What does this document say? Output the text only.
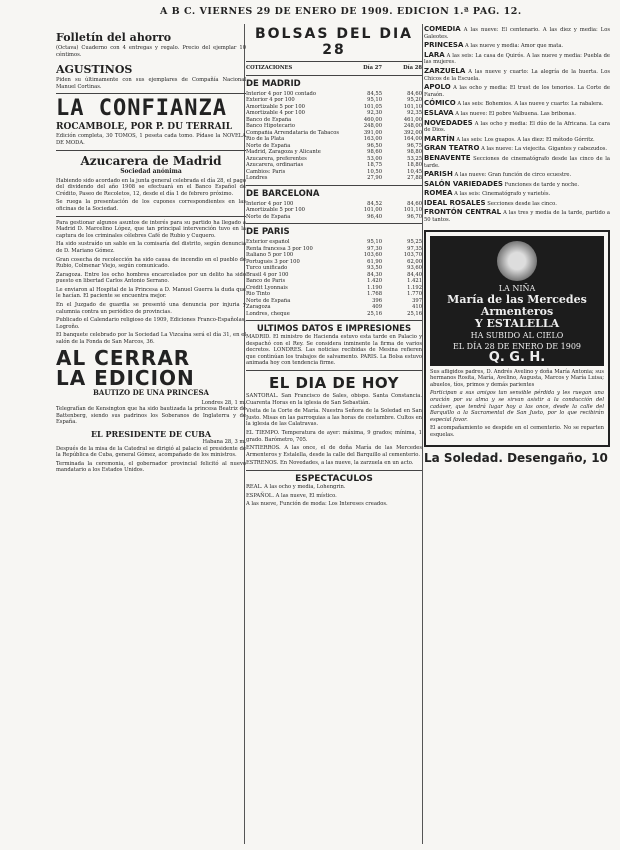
A B C. VIERNES 29 DE ENERO DE 1909. EDICION 1.ª PAG. 12.
Folletín del ahorro
(Octava) Cuaderno con 4 entregas y regalo. Precio del ejemplar 10 céntimos.
AGUSTINOS
Piden su últimamente con sus ejemplares de Compañía Nacional Manuel Cortinas.
LA CONFIANZA
ROCAMBOLE, POR P. DU TERRAIL
Edición completa, 30 TOMOS, 1 peseta cada tomo. Pídase la NOVELA DE MODA.
Azucarera de Madrid
Sociedad anónima

Habiendo sido acordado en la junta general celebrada el día 28, el pago del dividendo del año 1908 se efectuará en el Banco Español de Crédito, Paseo de Recoletos, 12, desde el día 1 de febrero próximo.

Se ruega la presentación de los cupones correspondientes en las oficinas de la Sociedad.

Para gestionar algunos asuntos de interés para su partido ha llegado a Madrid D. Marcelino López, que tan principal intervención tuvo en la captura de los criminales célebres Café de Rubio y Cuquero.

Ha sido sustraído un sable en la comisaría del distrito, según denuncia de D. Mariano Gómez.

Gran cosecha de recolección ha sido causa de incendio en el pueblo de Rubio, Colmenar Viejo, según comunicado.

Zaragoza. Entre los ocho hombres encarcelados por un delito ha sido puesto en libertad Carlos Antonio Serrano.

Le enviaron al Hospital de la Princesa a D. Manuel Guerra la duda que le hacían. El paciente se encuentra mejor.

En el Juzgado de guardia se presentó una denuncia por injuria y calumnia contra un periódico de provincias.

Publicado el Calendario religioso de 1909, Ediciones Franco-Españolas, Logroño.

El banquete celebrado por la Sociedad La Vizcaína será el día 31, en el salón de la Fonda de San Marcos, 36.

AL CERRAR
LA EDICION
BAUTIZO DE UNA PRINCESA
Londres 28, 1 m.
Telegrafían de Kensington que ha sido bautizada la princesa Beatriz de Battenberg, siendo sus padrinos los Soberanos de Inglaterra y de España.
EL PRESIDENTE DE CUBA
Habana 28, 3 m.

Después de la misa de la Catedral se dirigió al palacio el presidente de la República de Cuba, general Gómez, acompañado de los ministros.

Terminada la ceremonia, el gobernador provincial felicitó al nuevo mandatario a los Estados Unidos.

BOLSAS DEL DIA 28
COTIZACIONES	Día 27	Día 28
DE MADRID
Interior 4 por 100 contado	84,55	84,60
Exterior 4 por 100	95,10	95,20
Amortizable 5 por 100	101,05	101,10
Amortizable 4 por 100	92,30	92,35
Banco de España	460,00	461,00
Banco Hipotecario	248,00	248,00
Compañía Arrendataria de Tabacos	391,00	392,00
Río de la Plata	163,00	164,00
Norte de España	96,50	96,75
Madrid, Zaragoza y Alicante	98,60	98,80
Azucarera, preferentes	53,00	53,25
Azucarera, ordinarias	18,75	18,80
Cambios: París	10,50	10,45
Londres	27,90	27,88
DE BARCELONA
Interior 4 por 100	84,52	84,60
Amortizable 5 por 100	101,00	101,10
Norte de España	96,40	96,70
DE PARIS
Exterior español	95,10	95,25
Renta francesa 3 por 100	97,30	97,35
Italiano 5 por 100	103,60	103,70
Portugués 3 por 100	61,90	62,00
Turco unificado	93,50	93,60
Brasil 4 por 100	84,30	84,40
Banco de París	1.420	1.421
Crédit Lyonnais	1.190	1.192
Rio Tinto	1.768	1.770
Norte de España	396	397
Zaragoza	409	410
Londres, cheque	25,16	25,16
ULTIMOS DATOS E IMPRESIONES
MADRID. El ministro de Hacienda estuvo esta tarde en Palacio y despachó con el Rey. Se considera inminente la firma de varios decretos. LONDRES. Las noticias recibidas de Mesina refieren que continúan los trabajos de salvamento. PARIS. La Bolsa estuvo animada hoy con tendencia firme.
EL DIA DE HOY

SANTORAL. San Francisco de Sales, obispo. Santa Constancia. Cuarenta Horas en la iglesia de San Sebastián.

Visita de la Corte de María. Nuestra Señora de la Soledad en San Justo. Misas en las parroquias a las horas de costumbre. Cultos en la iglesia de las Calatravas.

EL TIEMPO. Temperatura de ayer: máxima, 9 grados; mínima, 1 grado. Barómetro, 705.

ENTIERROS. A las once, el de doña María de las Mercedes Armenteros y Estalella, desde la calle del Barquillo al cementerio.

ESTRENOS. En Novedades, a las nueve, la zarzuela en un acto.

ESPECTACULOS

REAL. A las ocho y media, Lohengrin.

ESPAÑOL. A las nueve, El místico.

A las nueve, Función de moda: Los Intereses creados.

COMEDIA A las nueve: El centenario. A las diez y media: Los Galeotes.

PRINCESA A las nueve y media: Amor que mata.

LARA A las seis: La casa de Quirós. A las nueve y media: Puebla de las mujeres.

ZARZUELA A las nueve y cuarto: La alegría de la huerta. Los Chicos de la Escuela.

APOLO A las ocho y media: El trust de los tenorios. La Corte de Faraón.

CÓMICO A las seis: Bohemios. A las nueve y cuarto: La rabalera.

ESLAVA A las nueve: El pobre Valbuena. Las bribonas.

NOVEDADES A las ocho y media: El dúo de la Africana. La cara de Dios.

MARTÍN A las seis: Los guapos. A las diez: El método Górritz.

GRAN TEATRO A las nueve: La viejecita. Gigantes y cabezudos.

BENAVENTE Secciones de cinematógrafo desde las cinco de la tarde.

PARISH A las nueve: Gran función de circo ecuestre.

SALÓN VARIEDADES Funciones de tarde y noche.

ROMEA A las seis: Cinematógrafo y varietés.

IDEAL ROSALES Secciones desde las cinco.

FRONTÓN CENTRAL A las tres y media de la tarde, partido a 50 tantos.

LA NIÑA
María de las Mercedes Armenteros
Y ESTALELLA
HA SUBIDO AL CIELO
EL DÍA 28 DE ENERO DE 1909
Q. G. H.

Sus afligidos padres, D. Andrés Avelino y doña María Antonia; sus hermanos Rosita, María, Avelino, Augusta, Marcos y María Luisa; abuelos, tíos, primos y demás parientes

Participan a sus amigos tan sensible pérdida y les ruegan una oración por su alma y se sirvan asistir a la conducción del cadáver, que tendrá lugar hoy a las once, desde la calle del Barquillo a la Sacramental de San Justo, por lo que recibirán especial favor.

El acompañamiento se despide en el cementerio. No se reparten esquelas.

La Soledad. Desengaño, 10
